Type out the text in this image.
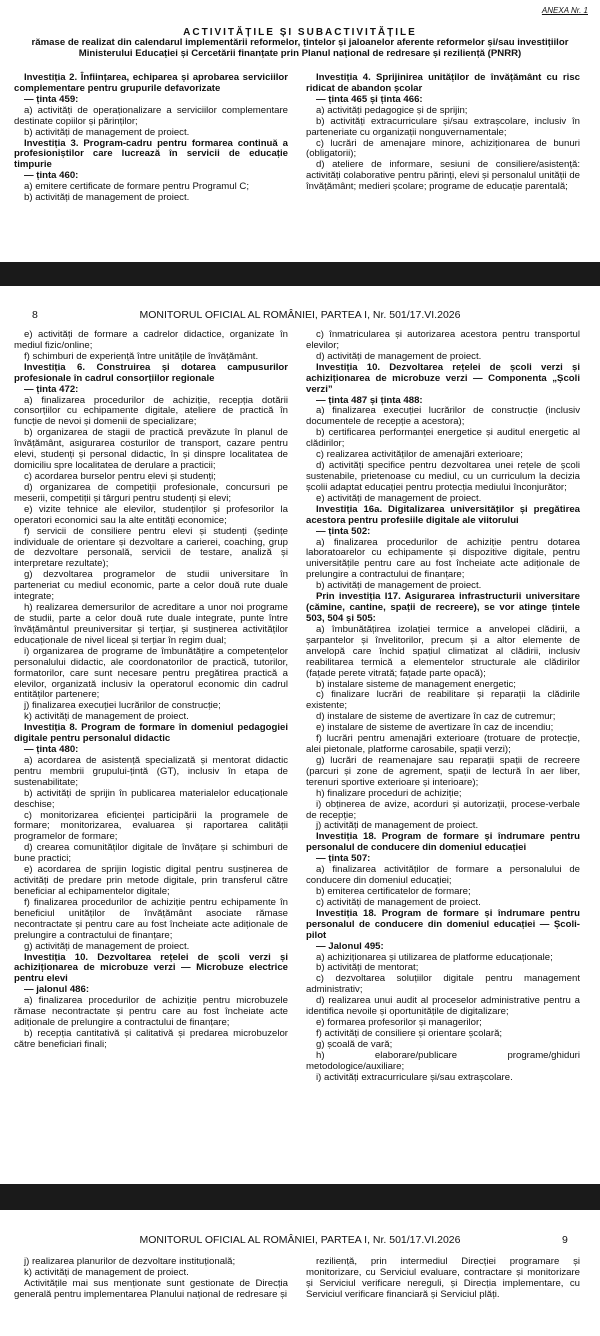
ANEXA Nr. 1
ACTIVITĂȚILE ȘI SUBACTIVITĂȚILE
rămase de realizat din calendarul implementării reformelor, țintelor și jaloanelor aferente reformelor și/sau investițiilor
Ministerului Educației și Cercetării finanțate prin Planul național de redresare și reziliență (PNRR)

Investiția 2. Înființarea, echiparea și aprobarea serviciilor complementare pentru grupurile defavorizate

— ținta 459:

a) activități de operaționalizare a serviciilor complementare destinate copiilor și părinților;

b) activități de management de proiect.

Investiția 3. Program-cadru pentru formarea continuă a profesioniștilor care lucrează în servicii de educație timpurie

— ținta 460:

a) emitere certificate de formare pentru Programul C;

b) activități de management de proiect.

Investiția 4. Sprijinirea unităților de învățământ cu risc ridicat de abandon școlar

— ținta 465 și ținta 466:

a) activități pedagogice și de sprijin;

b) activități extracurriculare și/sau extrașcolare, inclusiv în parteneriate cu organizații nonguvernamentale;

c) lucrări de amenajare minore, achiziționarea de bunuri (obligatorii);

d) ateliere de informare, sesiuni de consiliere/asistență: activități colaborative pentru părinți, elevi și personalul unității de învățământ; medieri școlare; programe de educație parentală;

8	MONITORUL OFICIAL AL ROMÂNIEI, PARTEA I, Nr. 501/17.VI.2026

e) activități de formare a cadrelor didactice, organizate în mediul fizic/online;

f) schimburi de experiență între unitățile de învățământ.

Investiția 6. Construirea și dotarea campusurilor profesionale în cadrul consorțiilor regionale

— ținta 472:

a) finalizarea procedurilor de achiziție, recepția dotării consorțiilor cu echipamente digitale, ateliere de practică în funcție de nevoi și domenii de specializare;

b) organizarea de stagii de practică prevăzute în planul de învățământ, asigurarea costurilor de transport, cazare pentru elevi, studenți și personal didactic, în și dinspre localitatea de domiciliu spre localitatea de derulare a practicii;

c) acordarea burselor pentru elevi și studenți;

d) organizarea de competiții profesionale, concursuri pe meserii, competiții și târguri pentru studenți și elevi;

e) vizite tehnice ale elevilor, studenților și profesorilor la operatori economici sau la alte entități economice;

f) servicii de consiliere pentru elevi și studenți (ședințe individuale de orientare și dezvoltare a carierei, coaching, grup de dezvoltare personală, servicii de testare, analiză și interpretare rezultate);

g) dezvoltarea programelor de studii universitare în parteneriat cu mediul economic, parte a celor două rute duale integrate;

h) realizarea demersurilor de acreditare a unor noi programe de studii, parte a celor două rute duale integrate, punte între învățământul preuniversitar și terțiar, și susținerea activităților educaționale de nivel liceal și terțiar în regim dual;

i) organizarea de programe de îmbunătățire a competențelor personalului didactic, ale coordonatorilor de practică, tutorilor, formatorilor, care sunt necesare pentru pregătirea practică a elevilor, organizată inclusiv la operatorul economic din cadrul entităților partenere;

j) finalizarea execuției lucrărilor de construcție;

k) activități de management de proiect.

Investiția 8. Program de formare în domeniul pedagogiei digitale pentru personalul didactic

— ținta 480:

a) acordarea de asistență specializată și mentorat didactic pentru membrii grupului-țintă (GT), inclusiv în etapa de sustenabilitate;

b) activități de sprijin în publicarea materialelor educaționale deschise;

c) monitorizarea eficienței participării la programele de formare; monitorizarea, evaluarea și raportarea calității programelor de formare;

d) crearea comunităților digitale de învățare și schimburi de bune practici;

e) acordarea de sprijin logistic digital pentru susținerea de activități de predare prin metode digitale, prin transferul către beneficiar al echipamentelor digitale;

f) finalizarea procedurilor de achiziție pentru echipamente în beneficiul unităților de învățământ asociate rămase necontractate și pentru care au fost încheiate acte adiționale de prelungire a contractului de finanțare;

g) activități de management de proiect.

Investiția 10. Dezvoltarea rețelei de școli verzi și achiziționarea de microbuze verzi — Microbuze electrice pentru elevi

— jalonul 486:

a) finalizarea procedurilor de achiziție pentru microbuzele rămase necontractate și pentru care au fost încheiate acte adiționale de prelungire a contractului de finanțare;

b) recepția cantitativă și calitativă și predarea microbuzelor către beneficiari finali;

c) înmatricularea și autorizarea acestora pentru transportul elevilor;

d) activități de management de proiect.

Investiția 10. Dezvoltarea rețelei de școli verzi și achiziționarea de microbuze verzi — Componenta „Școli verzi”

— ținta 487 și ținta 488:

a) finalizarea execuției lucrărilor de construcție (inclusiv documentele de recepție a acestora);

b) certificarea performanței energetice și auditul energetic al clădirilor;

c) realizarea activităților de amenajări exterioare;

d) activități specifice pentru dezvoltarea unei rețele de școli sustenabile, prietenoase cu mediul, cu un curriculum la decizia școlii adaptat educației pentru protecția mediului înconjurător;

e) activități de management de proiect.

Investiția 16a. Digitalizarea universităților și pregătirea acestora pentru profesiile digitale ale viitorului

— ținta 502:

a) finalizarea procedurilor de achiziție pentru dotarea laboratoarelor cu echipamente și dispozitive digitale, pentru universitățile pentru care au fost încheiate acte adiționale de prelungire a contractului de finanțare;

b) activități de management de proiect.

Prin investiția I17. Asigurarea infrastructurii universitare (cămine, cantine, spații de recreere), se vor atinge țintele 503, 504 și 505:

a) îmbunătățirea izolației termice a anvelopei clădirii, a șarpantelor și învelitorilor, precum și a altor elemente de anvelopă care închid spațiul climatizat al clădirii, inclusiv reabilitarea termică a elementelor structurale ale clădirilor (fațade perete vitrată; fațade parte opacă);

b) instalare sisteme de management energetic;

c) finalizare lucrări de reabilitare și reparații la clădirile existente;

d) instalare de sisteme de avertizare în caz de cutremur;

e) instalare de sisteme de avertizare în caz de incendiu;

f) lucrări pentru amenajări exterioare (trotuare de protecție, alei pietonale, platforme carosabile, spații verzi);

g) lucrări de reamenajare sau reparații spații de recreere (parcuri și zone de agrement, spații de lectură în aer liber, terenuri sportive exterioare și interioare);

h) finalizare proceduri de achiziție;

i) obținerea de avize, acorduri și autorizații, procese-verbale de recepție;

j) activități de management de proiect.

Investiția 18. Program de formare și îndrumare pentru personalul de conducere din domeniul educației

— ținta 507:

a) finalizarea activităților de formare a personalului de conducere din domeniul educației;

b) emiterea certificatelor de formare;

c) activități de management de proiect.

Investiția 18. Program de formare și îndrumare pentru personalul de conducere din domeniul educației — Școli-pilot

— Jalonul 495:

a) achiziționarea și utilizarea de platforme educaționale;

b) activități de mentorat;

c) dezvoltarea soluțiilor digitale pentru management administrativ;

d) realizarea unui audit al proceselor administrative pentru a identifica nevoile și oportunitățile de digitalizare;

e) formarea profesorilor și managerilor;

f) activități de consiliere și orientare școlară;

g) școală de vară;

h) elaborare/publicare programe/ghiduri metodologice/auxiliare;

i) activități extracurriculare și/sau extrașcolare.

MONITORUL OFICIAL AL ROMÂNIEI, PARTEA I, Nr. 501/17.VI.2026	9

j) realizarea planurilor de dezvoltare instituțională;

k) activități de management de proiect.

Activitățile mai sus menționate sunt gestionate de Direcția generală pentru implementarea Planului național de redresare și

reziliență, prin intermediul Direcției programare și monitorizare, cu Serviciul evaluare, contractare și monitorizare și Serviciul verificare nereguli, și Direcția implementare, cu Serviciul verificare financiară și Serviciul plăți.
